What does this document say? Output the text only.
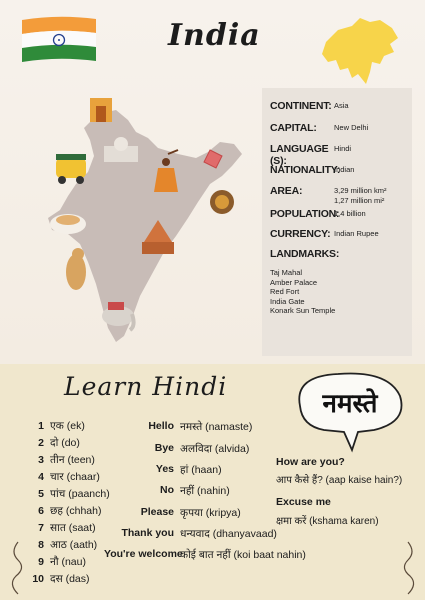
India
CONTINENT: Asia
CAPITAL: New Delhi
LANGUAGE (S):Hindi
NATIONALITY:Indian
AREA:	3,29 million km²
1,27 million mi²
POPULATION:1,4 billion
CURRENCY: Indian Rupee
LANDMARKS:
Taj Mahal
Amber Palace
Red Fort
India Gate
Konark Sun Temple
Learn Hindi
नमस्ते
1 एक (ek)
2 दो (do)
3 तीन (teen)
4 चार (chaar)
5 पांच (paanch)
6 छह (chhah)
7 सात (saat)
8 आठ (aath)
9 नौ (nau)
10 दस (das)
Hello नमस्ते (namaste)
Bye अलविदा (alvida)
Yes हां (haan)
No नहीं (nahin)
Please कृपया (kripya)
Thank you धन्यवाद (dhanyavaad)
You're welcome
कोई बात नहीं (koi baat nahin)
How are you?
आप कैसे हैं? (aap kaise hain?)
Excuse me
क्षमा करें (kshama karen)
